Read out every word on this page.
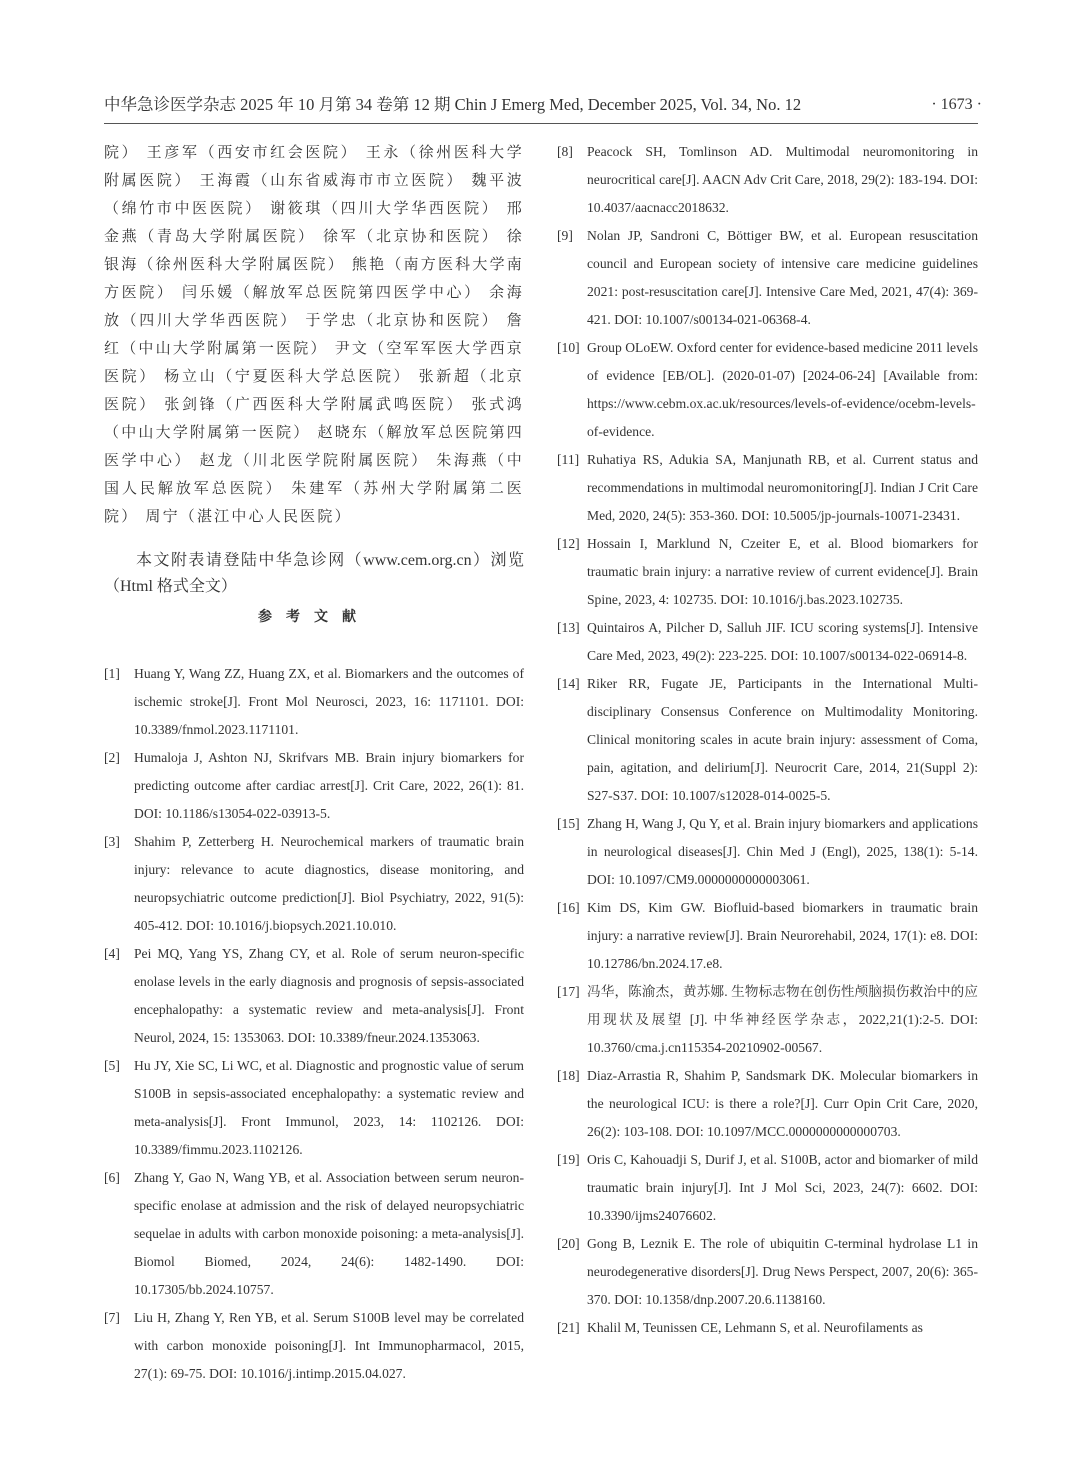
中华急诊医学杂志 2025 年 10 月第 34 卷第 12 期 Chin J Emerg Med, December 2025, Vol. 34, No. 12	· 1673 ·

院） 王彦军（西安市红会医院） 王永（徐州医科大学附属医院） 王海霞（山东省威海市市立医院） 魏平波（绵竹市中医医院） 谢筱琪（四川大学华西医院） 邢金燕（青岛大学附属医院） 徐军（北京协和医院） 徐银海（徐州医科大学附属医院） 熊艳（南方医科大学南方医院） 闫乐媛（解放军总医院第四医学中心） 余海放（四川大学华西医院） 于学忠（北京协和医院） 詹红（中山大学附属第一医院） 尹文（空军军医大学西京医院） 杨立山（宁夏医科大学总医院） 张新超（北京医院） 张剑锋（广西医科大学附属武鸣医院） 张式鸿（中山大学附属第一医院） 赵晓东（解放军总医院第四医学中心） 赵龙（川北医学院附属医院） 朱海燕（中国人民解放军总医院） 朱建军（苏州大学附属第二医院） 周宁（湛江中心人民医院）

本文附表请登陆中华急诊网（www.cem.org.cn）浏览（Html 格式全文）

参考文献
[1] Huang Y, Wang ZZ, Huang ZX, et al. Biomarkers and the outcomes of ischemic stroke[J]. Front Mol Neurosci, 2023, 16: 1171101. DOI: 10.3389/fnmol.2023.1171101.
[2] Humaloja J, Ashton NJ, Skrifvars MB. Brain injury biomarkers for predicting outcome after cardiac arrest[J]. Crit Care, 2022, 26(1): 81. DOI: 10.1186/s13054-022-03913-5.
[3] Shahim P, Zetterberg H. Neurochemical markers of traumatic brain injury: relevance to acute diagnostics, disease monitoring, and neuropsychiatric outcome prediction[J]. Biol Psychiatry, 2022, 91(5): 405-412. DOI: 10.1016/j.biopsych.2021.10.010.
[4] Pei MQ, Yang YS, Zhang CY, et al. Role of serum neuron-specific enolase levels in the early diagnosis and prognosis of sepsis-associated encephalopathy: a systematic review and meta-analysis[J]. Front Neurol, 2024, 15: 1353063. DOI: 10.3389/fneur.2024.1353063.
[5] Hu JY, Xie SC, Li WC, et al. Diagnostic and prognostic value of serum S100B in sepsis-associated encephalopathy: a systematic review and meta-analysis[J]. Front Immunol, 2023, 14: 1102126. DOI: 10.3389/fimmu.2023.1102126.
[6] Zhang Y, Gao N, Wang YB, et al. Association between serum neuron-specific enolase at admission and the risk of delayed neuropsychiatric sequelae in adults with carbon monoxide poisoning: a meta-analysis[J]. Biomol Biomed, 2024, 24(6): 1482-1490. DOI: 10.17305/bb.2024.10757.
[7] Liu H, Zhang Y, Ren YB, et al. Serum S100B level may be correlated with carbon monoxide poisoning[J]. Int Immunopharmacol, 2015, 27(1): 69-75. DOI: 10.1016/j.intimp.2015.04.027.
[8] Peacock SH, Tomlinson AD. Multimodal neuromonitoring in neurocritical care[J]. AACN Adv Crit Care, 2018, 29(2): 183-194. DOI: 10.4037/aacnacc2018632.
[9] Nolan JP, Sandroni C, Böttiger BW, et al. European resuscitation council and European society of intensive care medicine guidelines 2021: post-resuscitation care[J]. Intensive Care Med, 2021, 47(4): 369-421. DOI: 10.1007/s00134-021-06368-4.
[10] Group OLoEW. Oxford center for evidence-based medicine 2011 levels of evidence [EB/OL]. (2020-01-07) [2024-06-24] [Available from: https://www.cebm.ox.ac.uk/resources/levels-of-evidence/ocebm-levels-of-evidence.
[11] Ruhatiya RS, Adukia SA, Manjunath RB, et al. Current status and recommendations in multimodal neuromonitoring[J]. Indian J Crit Care Med, 2020, 24(5): 353-360. DOI: 10.5005/jp-journals-10071-23431.
[12] Hossain I, Marklund N, Czeiter E, et al. Blood biomarkers for traumatic brain injury: a narrative review of current evidence[J]. Brain Spine, 2023, 4: 102735. DOI: 10.1016/j.bas.2023.102735.
[13] Quintairos A, Pilcher D, Salluh JIF. ICU scoring systems[J]. Intensive Care Med, 2023, 49(2): 223-225. DOI: 10.1007/s00134-022-06914-8.
[14] Riker RR, Fugate JE, Participants in the International Multi-disciplinary Consensus Conference on Multimodality Monitoring. Clinical monitoring scales in acute brain injury: assessment of Coma, pain, agitation, and delirium[J]. Neurocrit Care, 2014, 21(Suppl 2): S27-S37. DOI: 10.1007/s12028-014-0025-5.
[15] Zhang H, Wang J, Qu Y, et al. Brain injury biomarkers and applications in neurological diseases[J]. Chin Med J (Engl), 2025, 138(1): 5-14. DOI: 10.1097/CM9.0000000000003061.
[16] Kim DS, Kim GW. Biofluid-based biomarkers in traumatic brain injury: a narrative review[J]. Brain Neurorehabil, 2024, 17(1): e8. DOI: 10.12786/bn.2024.17.e8.
[17] 冯华，陈渝杰，黄苏娜. 生物标志物在创伤性颅脑损伤救治中的应用现状及展望 [J]. 中华神经医学杂志，2022,21(1):2-5. DOI: 10.3760/cma.j.cn115354-20210902-00567.
[18] Diaz-Arrastia R, Shahim P, Sandsmark DK. Molecular biomarkers in the neurological ICU: is there a role?[J]. Curr Opin Crit Care, 2020, 26(2): 103-108. DOI: 10.1097/MCC.0000000000000703.
[19] Oris C, Kahouadji S, Durif J, et al. S100B, actor and biomarker of mild traumatic brain injury[J]. Int J Mol Sci, 2023, 24(7): 6602. DOI: 10.3390/ijms24076602.
[20] Gong B, Leznik E. The role of ubiquitin C-terminal hydrolase L1 in neurodegenerative disorders[J]. Drug News Perspect, 2007, 20(6): 365-370. DOI: 10.1358/dnp.2007.20.6.1138160.
[21] Khalil M, Teunissen CE, Lehmann S, et al. Neurofilaments as
